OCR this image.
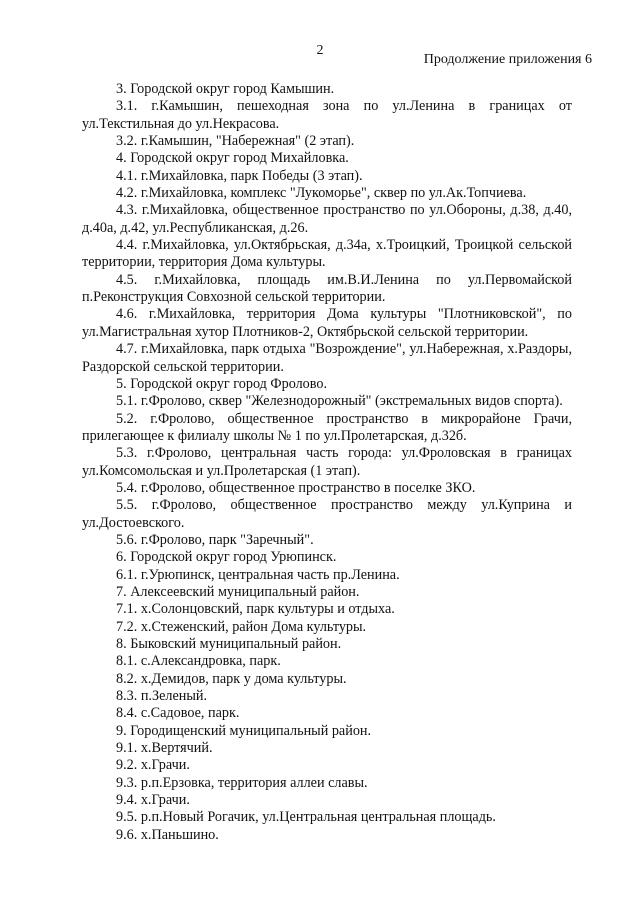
2
Продолжение приложения 6

3. Городской округ город Камышин.

3.1. г.Камышин, пешеходная зона по ул.Ленина в границах от ул.Текстильная до ул.Некрасова.

3.2. г.Камышин, "Набережная" (2 этап).

4. Городской округ город Михайловка.

4.1. г.Михайловка, парк Победы (3 этап).

4.2. г.Михайловка, комплекс "Лукоморье", сквер по ул.Ак.Топчиева.

4.3. г.Михайловка, общественное пространство по ул.Обороны, д.38, д.40, д.40а, д.42, ул.Республиканская, д.26.

4.4. г.Михайловка, ул.Октябрьская, д.34а, х.Троицкий, Троицкой сельской территории, территория Дома культуры.

4.5. г.Михайловка, площадь им.В.И.Ленина по ул.Первомайской п.Реконструкция Совхозной сельской территории.

4.6. г.Михайловка, территория Дома культуры "Плотниковской", по ул.Магистральная хутор Плотников-2, Октябрьской сельской территории.

4.7. г.Михайловка, парк отдыха "Возрождение", ул.Набережная, х.Раздоры, Раздорской сельской территории.

5. Городской округ город Фролово.

5.1. г.Фролово, сквер "Железнодорожный" (экстремальных видов спорта).

5.2. г.Фролово, общественное пространство в микрорайоне Грачи, прилегающее к филиалу школы № 1 по ул.Пролетарская, д.32б.

5.3. г.Фролово, центральная часть города: ул.Фроловская в границах ул.Комсомольская и ул.Пролетарская (1 этап).

5.4. г.Фролово, общественное пространство в поселке ЗКО.

5.5. г.Фролово, общественное пространство между ул.Куприна и ул.Достоевского.

5.6. г.Фролово, парк "Заречный".

6. Городской округ город Урюпинск.

6.1. г.Урюпинск, центральная часть пр.Ленина.

7. Алексеевский муниципальный район.

7.1. х.Солонцовский, парк культуры и отдыха.

7.2. х.Стеженский, район Дома культуры.

8. Быковский муниципальный район.

8.1. с.Александровка, парк.

8.2. х.Демидов, парк у дома культуры.

8.3. п.Зеленый.

8.4. с.Садовое, парк.

9. Городищенский муниципальный район.

9.1. х.Вертячий.

9.2. х.Грачи.

9.3. р.п.Ерзовка, территория аллеи славы.

9.4. х.Грачи.

9.5. р.п.Новый Рогачик, ул.Центральная центральная площадь.

9.6. х.Паньшино.
